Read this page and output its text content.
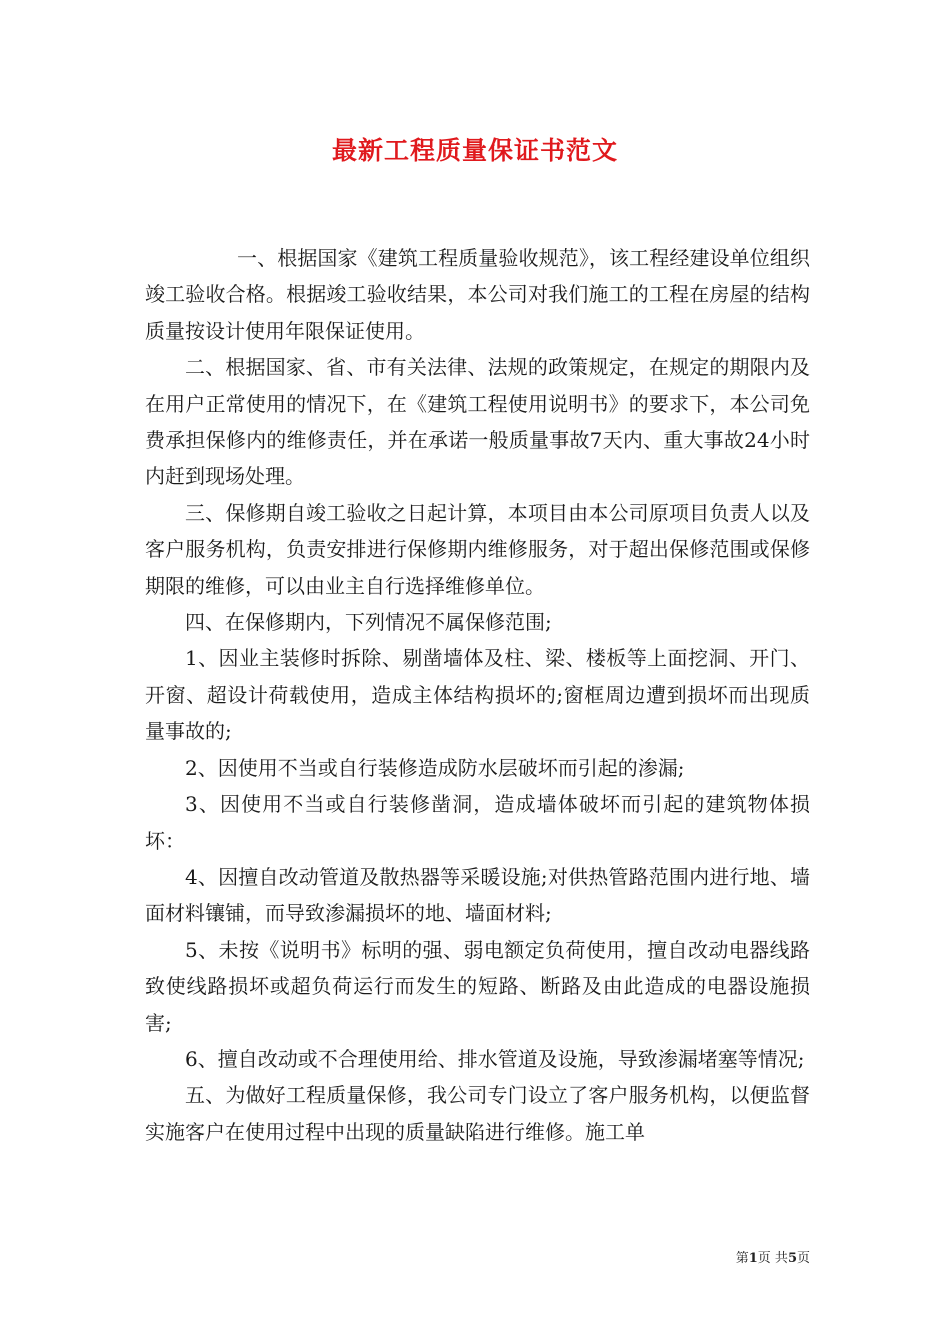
最新工程质量保证书范文

一、根据国家《建筑工程质量验收规范》，该工程经建设单位组织竣工验收合格。根据竣工验收结果，本公司对我们施工的工程在房屋的结构质量按设计使用年限保证使用。

二、根据国家、省、市有关法律、法规的政策规定，在规定的期限内及在用户正常使用的情况下，在《建筑工程使用说明书》的要求下，本公司免费承担保修内的维修责任，并在承诺一般质量事故7天内、重大事故24小时内赶到现场处理。

三、保修期自竣工验收之日起计算，本项目由本公司原项目负责人以及客户服务机构，负责安排进行保修期内维修服务，对于超出保修范围或保修期限的维修，可以由业主自行选择维修单位。

四、在保修期内，下列情况不属保修范围;

1、因业主装修时拆除、剔凿墙体及柱、梁、楼板等上面挖洞、开门、开窗、超设计荷载使用，造成主体结构损坏的;窗框周边遭到损坏而出现质量事故的;

2、因使用不当或自行装修造成防水层破坏而引起的渗漏;

3、因使用不当或自行装修凿洞，造成墙体破坏而引起的建筑物体损坏：

4、因擅自改动管道及散热器等采暖设施;对供热管路范围内进行地、墙面材料镶铺，而导致渗漏损坏的地、墙面材料;

5、未按《说明书》标明的强、弱电额定负荷使用，擅自改动电器线路致使线路损坏或超负荷运行而发生的短路、断路及由此造成的电器设施损害;

6、擅自改动或不合理使用给、排水管道及设施，导致渗漏堵塞等情况;

五、为做好工程质量保修，我公司专门设立了客户服务机构，以便监督实施客户在使用过程中出现的质量缺陷进行维修。施工单

第1页 共5页
